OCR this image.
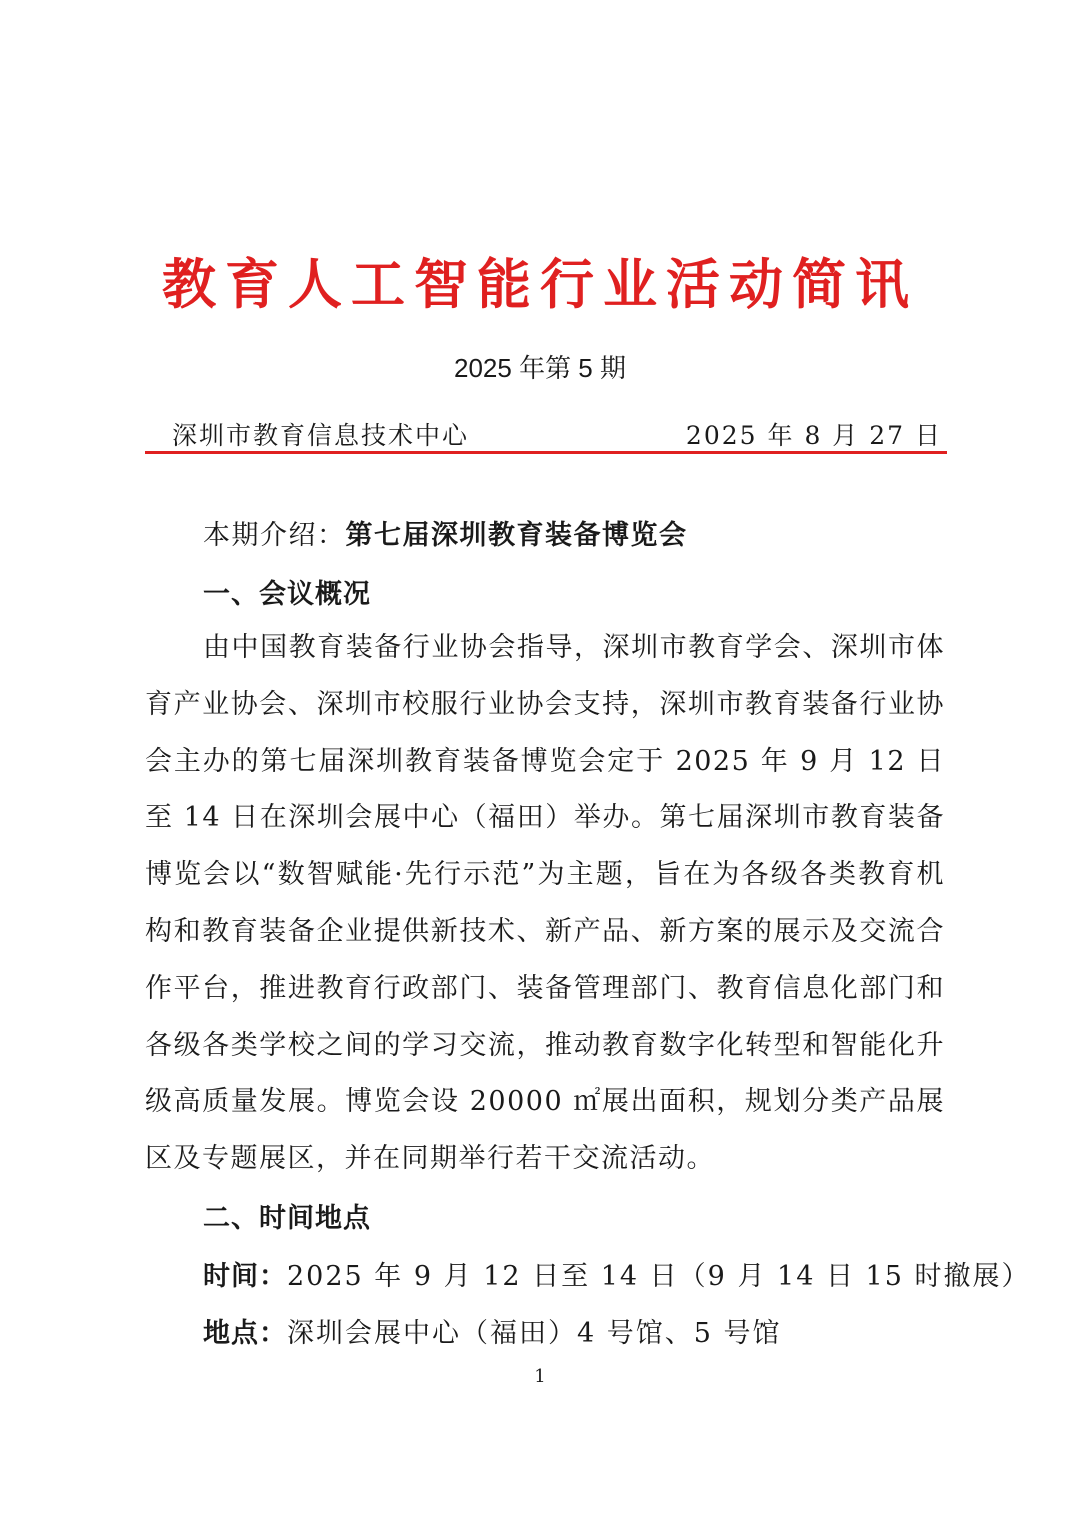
教育人工智能行业活动简讯
2025 年第 5 期
深圳市教育信息技术中心	2025 年 8 月 27 日
本期介绍：第七届深圳教育装备博览会
一、会议概况
由中国教育装备行业协会指导，深圳市教育学会、深圳市体育产业协会、深圳市校服行业协会支持，深圳市教育装备行业协会主办的第七届深圳教育装备博览会定于 2025 年 9 月 12 日至 14 日在深圳会展中心（福田）举办。第七届深圳市教育装备博览会以“数智赋能·先行示范”为主题，旨在为各级各类教育机构和教育装备企业提供新技术、新产品、新方案的展示及交流合作平台，推进教育行政部门、装备管理部门、教育信息化部门和各级各类学校之间的学习交流，推动教育数字化转型和智能化升级高质量发展。博览会设 20000 ㎡展出面积，规划分类产品展区及专题展区，并在同期举行若干交流活动。
二、时间地点
时间：2025 年 9 月 12 日至 14 日（9 月 14 日 15 时撤展）
地点：深圳会展中心（福田）4 号馆、5 号馆
1
